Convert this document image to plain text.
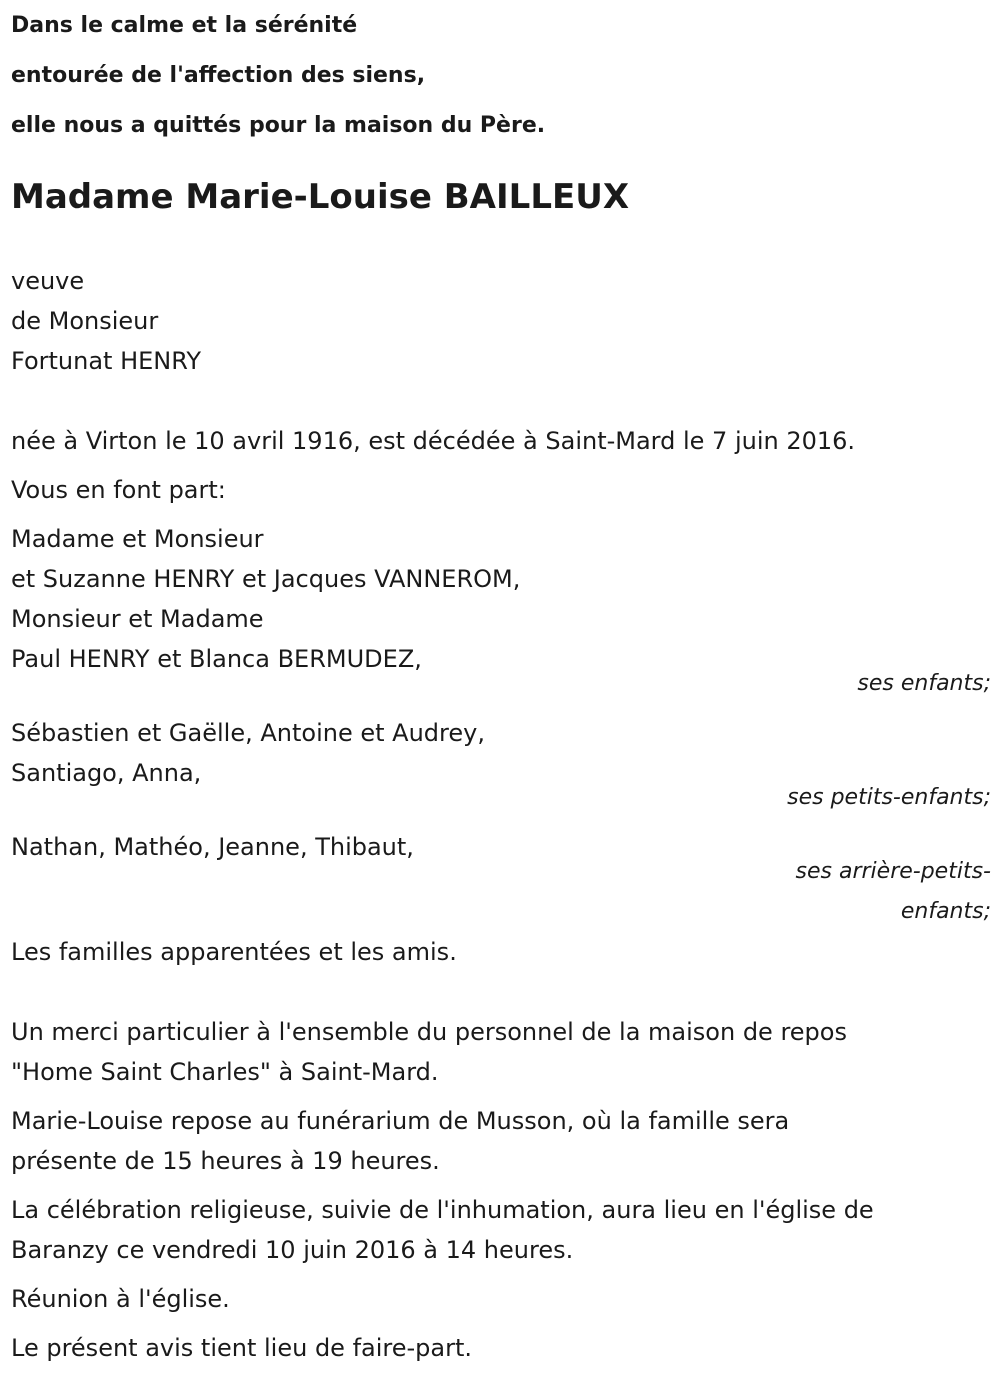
Dans le calme et la sérénité
entourée de l'affection des siens,
elle nous a quittés pour la maison du Père.
Madame Marie-Louise BAILLEUX
veuve
de Monsieur
Fortunat HENRY
née à Virton le 10 avril 1916, est décédée à Saint-Mard le 7 juin 2016.
Vous en font part:
Madame et Monsieur
et Suzanne HENRY et Jacques VANNEROM,
Monsieur et Madame
Paul HENRY et Blanca BERMUDEZ,
ses enfants;
Sébastien et Gaëlle, Antoine et Audrey,
Santiago, Anna,
ses petits-enfants;
Nathan, Mathéo, Jeanne, Thibaut,
ses arrière-petits-
enfants;
Les familles apparentées et les amis.
Un merci particulier à l'ensemble du personnel de la maison de repos
"Home Saint Charles" à Saint-Mard.
Marie-Louise repose au funérarium de Musson, où la famille sera
présente de 15 heures à 19 heures.
La célébration religieuse, suivie de l'inhumation, aura lieu en l'église de
Baranzy ce vendredi 10 juin 2016 à 14 heures.
Réunion à l'église.
Le présent avis tient lieu de faire-part.
